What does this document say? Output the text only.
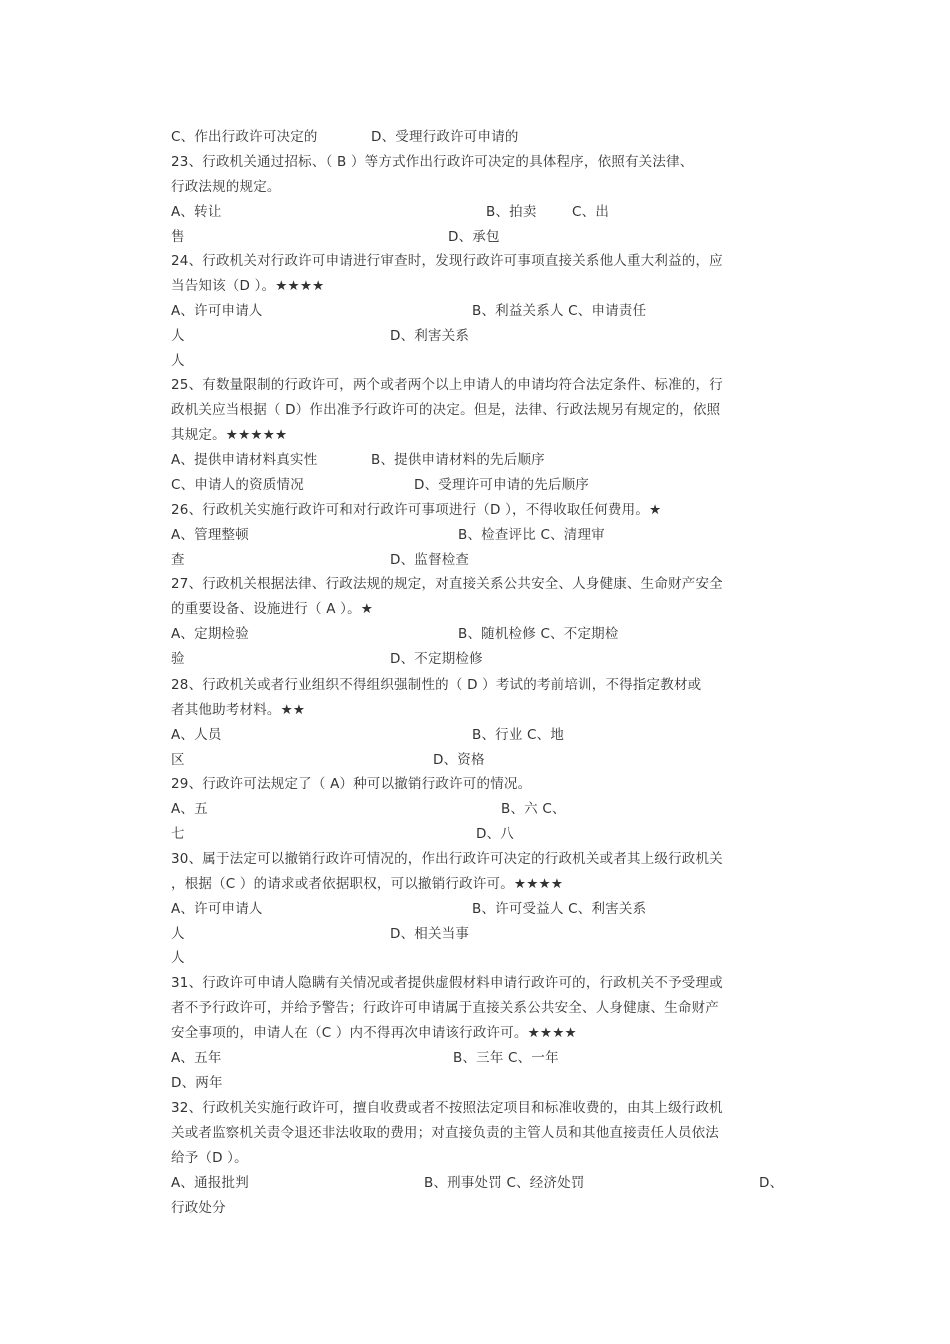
C、作出行政许可决定的	D、受理行政许可申请的
23、行政机关通过招标、（ B ）等方式作出行政许可决定的具体程序，依照有关法律、
行政法规的规定。
A、转让	B、拍卖	C、出
售	D、承包
24、行政机关对行政许可申请进行审查时，发现行政许可事项直接关系他人重大利益的，应
当告知该（D ）。★★★★
A、许可申请人	B、利益关系人 C、申请责任
人	D、利害关系
人
25、有数量限制的行政许可，两个或者两个以上申请人的申请均符合法定条件、标准的，行
政机关应当根据（ D）作出准予行政许可的决定。但是，法律、行政法规另有规定的，依照
其规定。★★★★★
A、提供申请材料真实性	B、提供申请材料的先后顺序
C、申请人的资质情况	D、受理许可申请的先后顺序
26、行政机关实施行政许可和对行政许可事项进行（D ），不得收取任何费用。★
A、管理整顿	B、检查评比 C、清理审
查	D、监督检查
27、行政机关根据法律、行政法规的规定，对直接关系公共安全、人身健康、生命财产安全
的重要设备、设施进行（ A ）。★
A、定期检验	B、随机检修 C、不定期检
验	D、不定期检修
28、行政机关或者行业组织不得组织强制性的（ D ）考试的考前培训，不得指定教材或
者其他助考材料。★★
A、人员	B、行业 C、地
区	D、资格
29、行政许可法规定了（ A）种可以撤销行政许可的情况。
A、五	B、六 C、
七	D、八
30、属于法定可以撤销行政许可情况的，作出行政许可决定的行政机关或者其上级行政机关
，根据（C ）的请求或者依据职权，可以撤销行政许可。★★★★
A、许可申请人	B、许可受益人 C、利害关系
人	D、相关当事
人
31、行政许可申请人隐瞒有关情况或者提供虚假材料申请行政许可的，行政机关不予受理或
者不予行政许可，并给予警告；行政许可申请属于直接关系公共安全、人身健康、生命财产
安全事项的，申请人在（C ）内不得再次申请该行政许可。★★★★
A、五年	B、三年 C、一年
D、两年
32、行政机关实施行政许可，擅自收费或者不按照法定项目和标准收费的，由其上级行政机
关或者监察机关责令退还非法收取的费用；对直接负责的主管人员和其他直接责任人员依法
给予（D ）。
A、通报批判	B、刑事处罚 C、经济处罚	D、
行政处分
